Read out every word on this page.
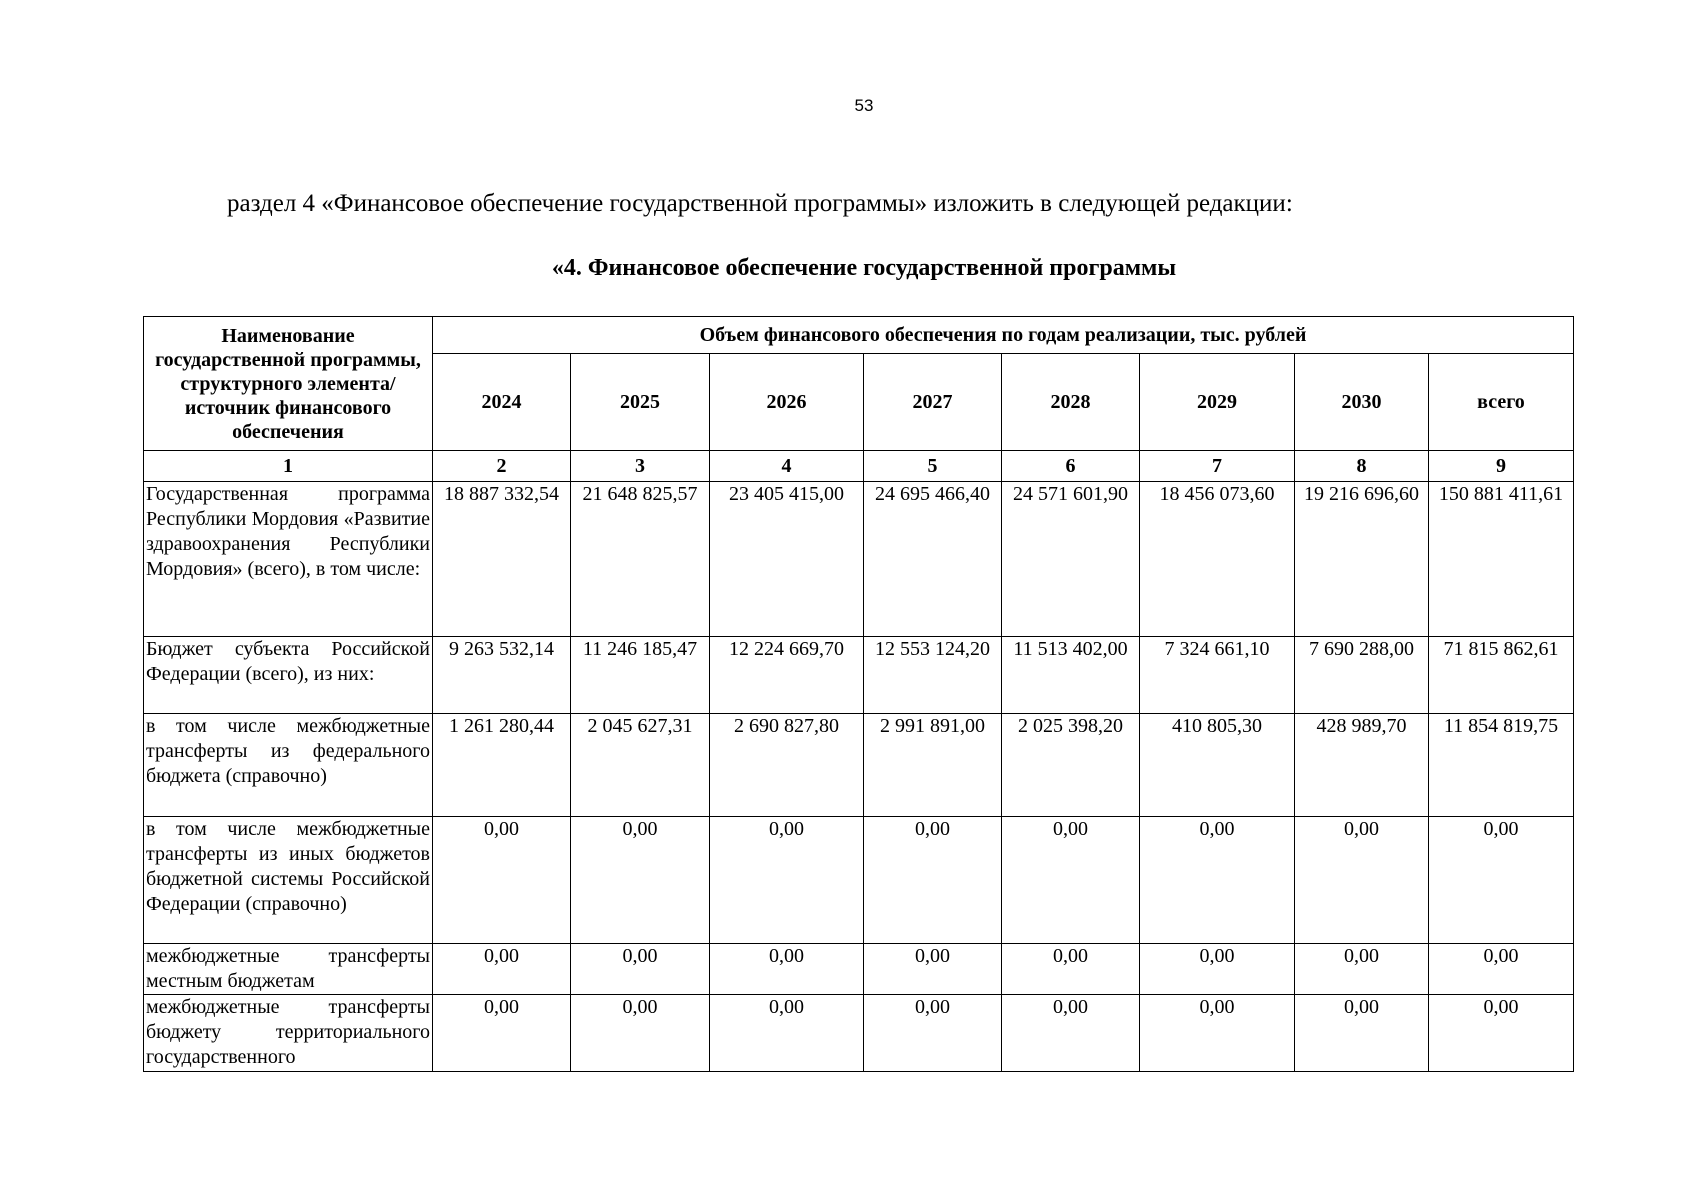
53
раздел 4 «Финансовое обеспечение государственной программы» изложить в следующей редакции:
«4. Финансовое обеспечение государственной программы
Наименование государственной программы, структурного элемента/источник финансового обеспечения	Объем финансового обеспечения по годам реализации, тыс. рублей							
	2024	2025	2026	2027	2028	2029	2030	всего
1	2	3	4	5	6	7	8	9
Государственная программа Республики Мордовия «Развитие здравоохранения Республики Мордовия» (всего), в том числе:	18 887 332,54	21 648 825,57	23 405 415,00	24 695 466,40	24 571 601,90	18 456 073,60	19 216 696,60	150 881 411,61
Бюджет субъекта Российской Федерации (всего), из них:	9 263 532,14	11 246 185,47	12 224 669,70	12 553 124,20	11 513 402,00	7 324 661,10	7 690 288,00	71 815 862,61
в том числе межбюджетные трансферты из федерального бюджета (справочно)	1 261 280,44	2 045 627,31	2 690 827,80	2 991 891,00	2 025 398,20	410 805,30	428 989,70	11 854 819,75
в том числе межбюджетные трансферты из иных бюджетов бюджетной системы Российской Федерации (справочно)	0,00	0,00	0,00	0,00	0,00	0,00	0,00	0,00
межбюджетные трансферты местным бюджетам	0,00	0,00	0,00	0,00	0,00	0,00	0,00	0,00
межбюджетные трансферты бюджету территориального государственного	0,00	0,00	0,00	0,00	0,00	0,00	0,00	0,00
